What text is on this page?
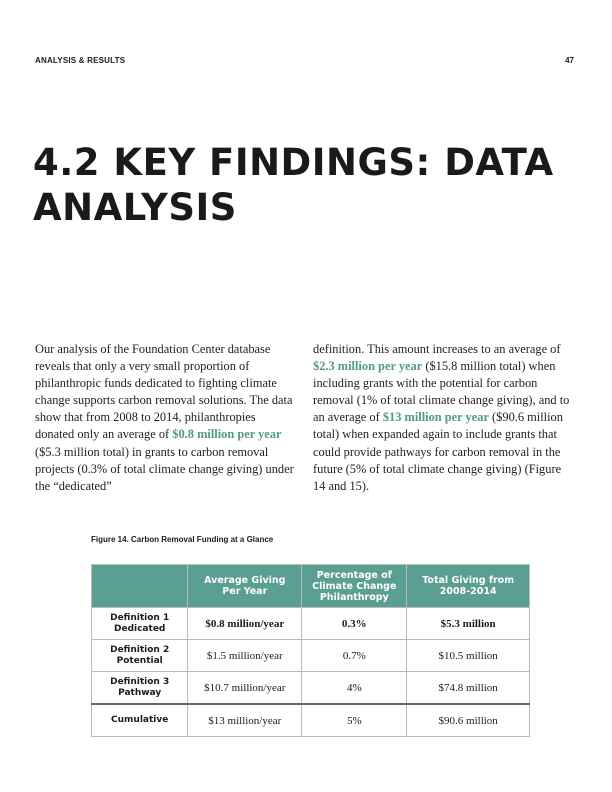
ANALYSIS & RESULTS	47
4.2 KEY FINDINGS: DATA ANALYSIS
Our analysis of the Foundation Center database reveals that only a very small proportion of philanthropic funds dedicated to fighting climate change supports carbon removal solutions. The data show that from 2008 to 2014, philanthropies donated only an average of $0.8 million per year ($5.3 million total) in grants to carbon removal projects (0.3% of total climate change giving) under the “dedicated”
definition. This amount increases to an average of $2.3 million per year ($15.8 million total) when including grants with the potential for carbon removal (1% of total climate change giving), and to an average of $13 million per year ($90.6 million total) when expanded again to include grants that could provide pathways for carbon removal in the future (5% of total climate change giving) (Figure 14 and 15).
Figure 14. Carbon Removal Funding at a Glance
	Average Giving Per Year	Percentage of Climate Change Philanthropy	Total Giving from 2008-2014
Definition 1
Dedicated	$0.8 million/year	0.3%	$5.3 million
Definition 2
Potential	$1.5 million/year	0.7%	$10.5 million
Definition 3
Pathway	$10.7 million/year	4%	$74.8 million
Cumulative	$13 million/year	5%	$90.6 million
